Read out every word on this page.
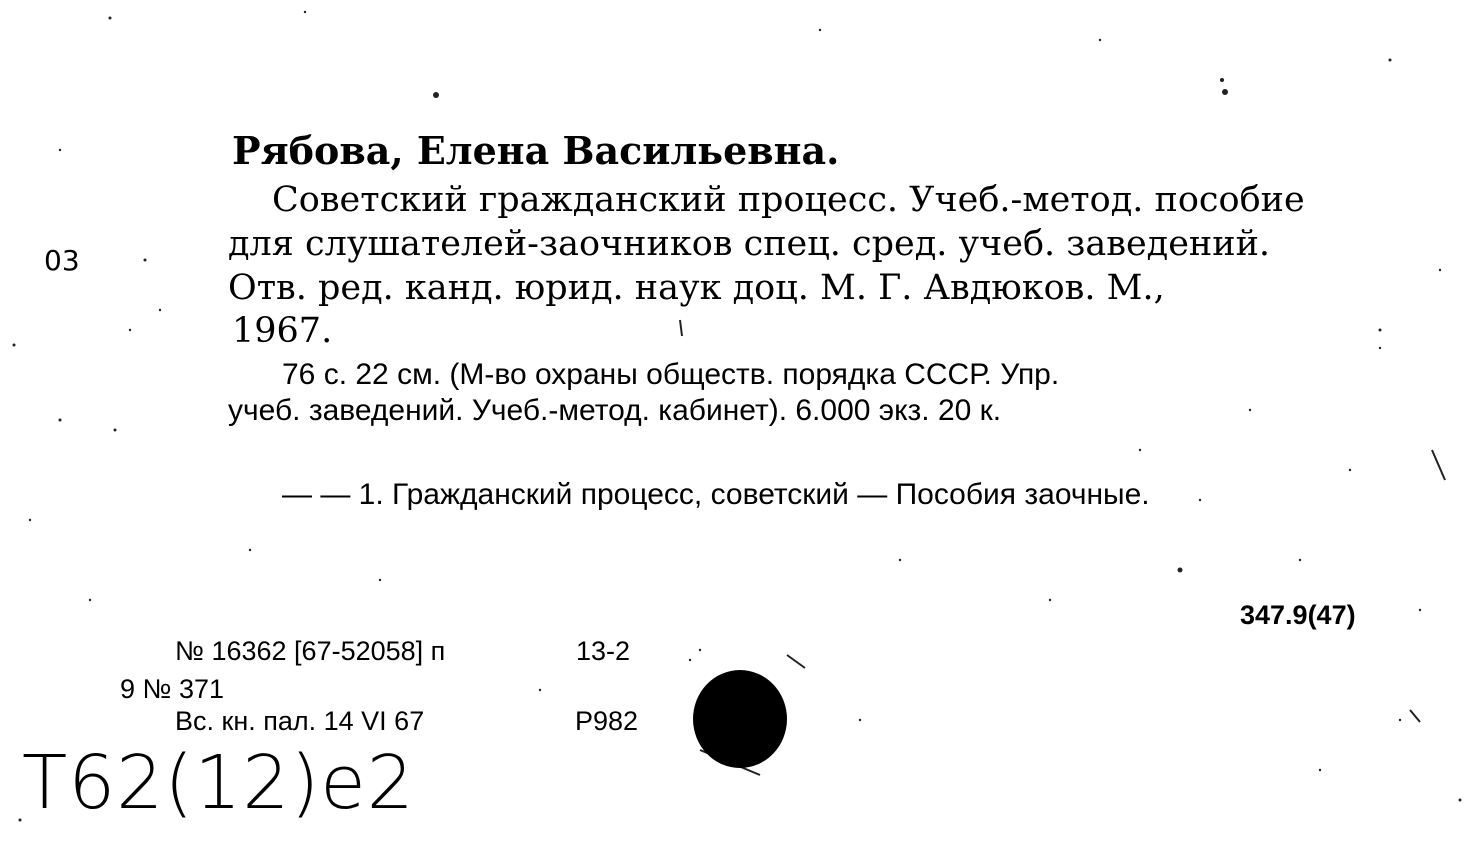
Рябова, Елена Васильевна.
Советский гражданский процесс. Учеб.-метод. пособие
для слушателей-заочников спец. сред. учеб. заведений.
Отв. ред. канд. юрид. наук доц. М. Г. Авдюков. М.,
1967.
76 с. 22 см. (М-во охраны обществ. порядка СССР. Упр.
учеб. заведений. Учеб.-метод. кабинет). 6.000 экз. 20 к.
— — 1. Гражданский процесс, советский — Пособия заочные.
347.9(47)
№ 16362 [67-52058] п	13-2
9 № 371
Вс. кн. пал. 14 VI 67	Р982
03
T62(12)e2
